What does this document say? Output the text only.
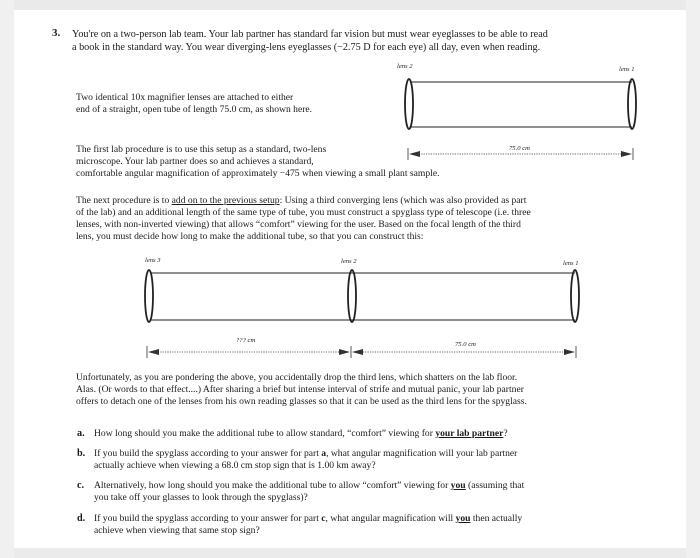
3. You're on a two-person lab team. Your lab partner has standard far vision but must wear eyeglasses to be able to read

a book in the standard way. You wear diverging-lens eyeglasses (−2.75 D for each eye) all day, even when reading.

Two identical 10x magnifier lenses are attached to either

end of a straight, open tube of length 75.0 cm, as shown here.

The first lab procedure is to use this setup as a standard, two-lens

microscope. Your lab partner does so and achieves a standard,

comfortable angular magnification of approximately −475 when viewing a small plant sample.

The next procedure is to add on to the previous setup: Using a third converging lens (which was also provided as part

of the lab) and an additional length of the same type of tube, you must construct a spyglass type of telescope (i.e. three

lenses, with non-inverted viewing) that allows “comfort” viewing for the user. Based on the focal length of the third

lens, you must decide how long to make the additional tube, so that you can construct this:

Unfortunately, as you are pondering the above, you accidentally drop the third lens, which shatters on the lab floor.

Alas. (Or words to that effect....) After sharing a brief but intense interval of strife and mutual panic, your lab partner

offers to detach one of the lenses from his own reading glasses so that it can be used as the third lens for the spyglass.

a. How long should you make the additional tube to allow standard, “comfort” viewing for your lab partner?

b. If you build the spyglass according to your answer for part a, what angular magnification will your lab partner

actually achieve when viewing a 68.0 cm stop sign that is 1.00 km away?

c. Alternatively, how long should you make the additional tube to allow “comfort” viewing for you (assuming that

you take off your glasses to look through the spyglass)?

d. If you build the spyglass according to your answer for part c, what angular magnification will you then actually

achieve when viewing that same stop sign?

lens 2	lens 1
75.0 cm
lens 3	lens 2	lens 1
??? cm
75.0 cm
